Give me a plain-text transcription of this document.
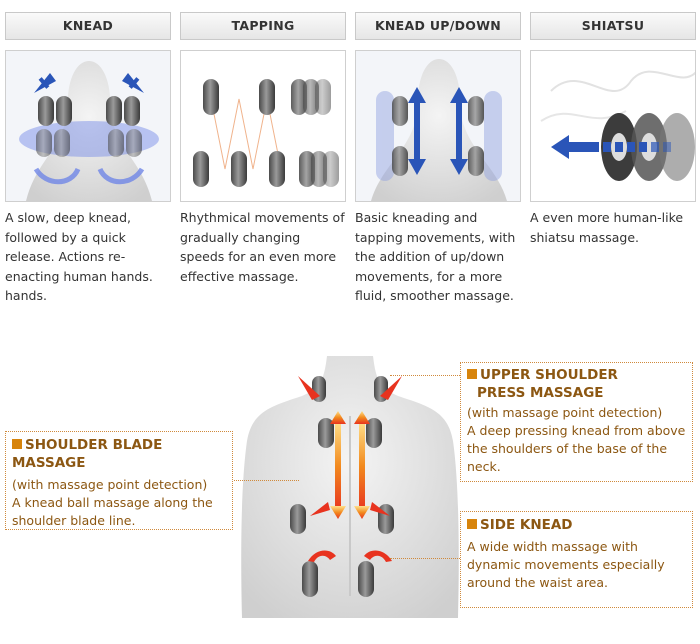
KNEAD
A slow, deep knead, followed by a quick release. Actions re-enacting human hands. hands.
TAPPING
Rhythmical movements of gradually changing speeds for an even more effective massage.
KNEAD UP/DOWN
Basic kneading and tapping movements, with the addition of up/down movements, for a more fluid, smoother massage.
SHIATSU
A even more human-like shiatsu massage.
UPPER SHOULDER
PRESS MASSAGE
(with massage point detection)
A deep pressing knead from above the shoulders of the base of the neck.
SHOULDER BLADE MASSAGE
(with massage point detection)
A knead ball massage along the shoulder blade line.	SIDE KNEAD
A wide width massage with dynamic movements especially around the waist area.
